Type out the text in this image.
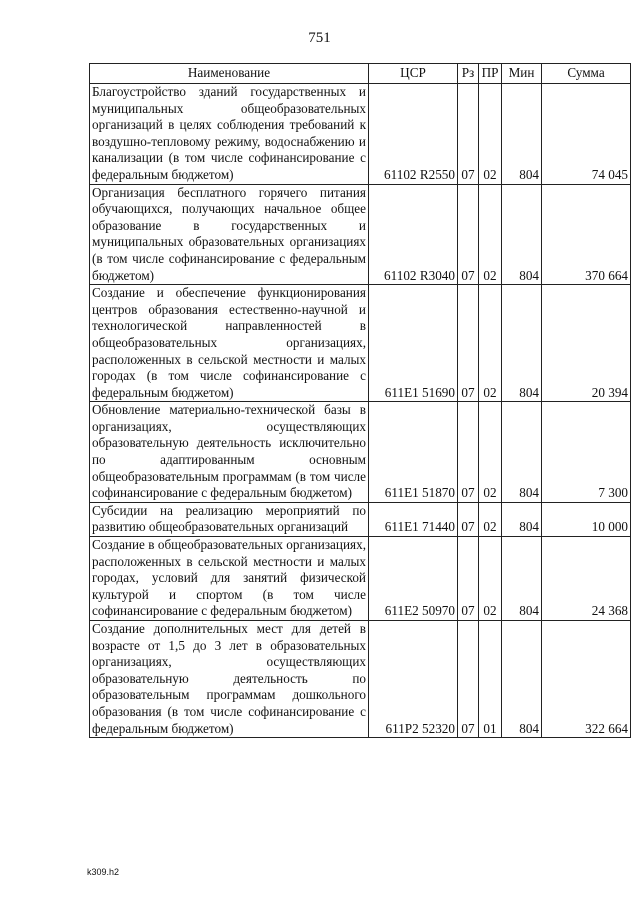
751
Наименование	ЦСР	Рз	ПР	Мин	Сумма
Благоустройство зданий государственных и муниципальных общеобразовательных организаций в целях соблюдения требований к воздушно-тепловому режиму, водоснабжению и канализации (в том числе софинансирование с федеральным бюджетом)	61102 R2550	07	02	804	74 045
Организация бесплатного горячего питания обучающихся, получающих начальное общее образование в государственных и муниципальных образовательных организациях (в том числе софинансирование с федеральным бюджетом)	61102 R3040	07	02	804	370 664
Создание и обеспечение функционирования центров образования естественно-научной и технологической направленностей в общеобразовательных организациях, расположенных в сельской местности и малых городах (в том числе софинансирование с федеральным бюджетом)	611E1 51690	07	02	804	20 394
Обновление материально-технической базы в организациях, осуществляющих образовательную деятельность исключительно по адаптированным основным общеобразовательным программам (в том числе софинансирование с федеральным бюджетом)	611E1 51870	07	02	804	7 300
Субсидии на реализацию мероприятий по развитию общеобразовательных организаций	611E1 71440	07	02	804	10 000
Создание в общеобразовательных организациях, расположенных в сельской местности и малых городах, условий для занятий физической культурой и спортом (в том числе софинансирование с федеральным бюджетом)	611E2 50970	07	02	804	24 368
Создание дополнительных мест для детей в возрасте от 1,5 до 3 лет в образовательных организациях, осуществляющих образовательную деятельность по образовательным программам дошкольного образования (в том числе софинансирование с федеральным бюджетом)	611P2 52320	07	01	804	322 664
k309.h2
